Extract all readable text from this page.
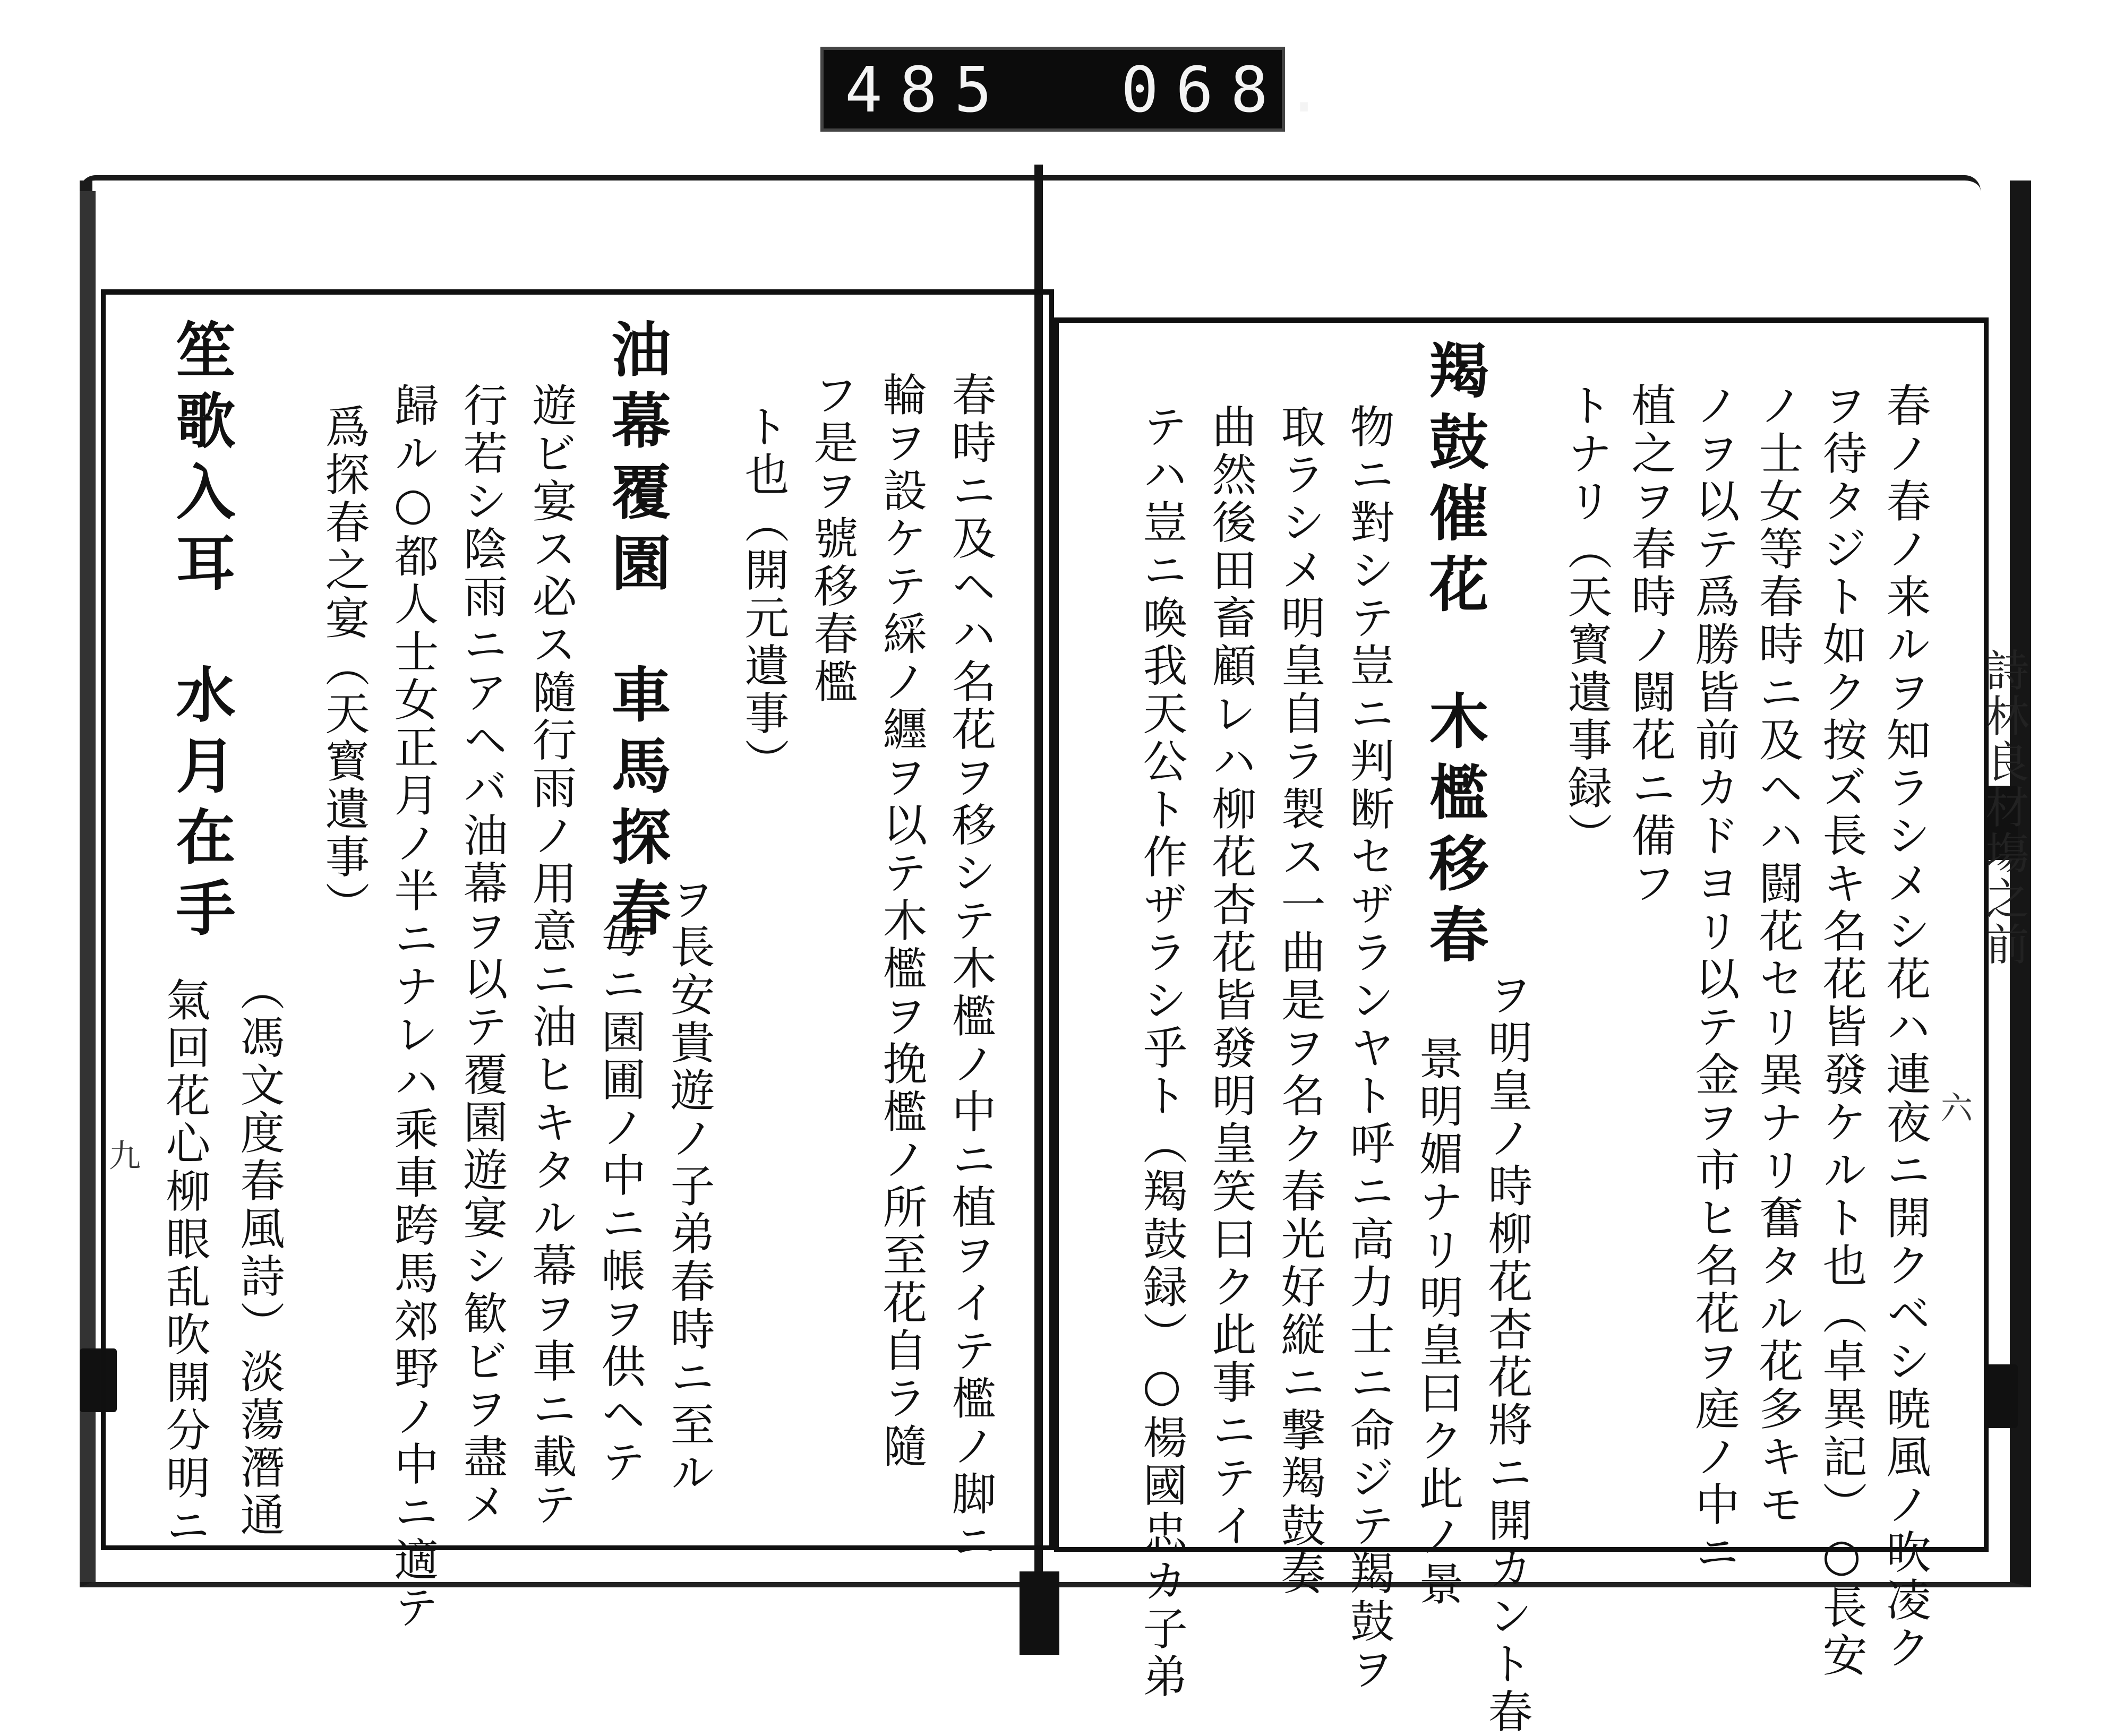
485 068.
詩林良材塲之前
六
九	春ノ春ノ来ルヲ知ラシメシ花ハ連夜ニ開クベシ暁風ノ吹凌ク
ヲ待タジト如ク按ズ長キ名花皆發ケルト也（卓異記）○長安
ノ士女等春時ニ及ヘハ闘花セリ異ナリ奮タル花多キモ
ノヲ以テ爲勝皆前カドヨリ以テ金ヲ市ヒ名花ヲ庭ノ中ニ
植之ヲ春時ノ闘花ニ備フ
トナリ（天寳遺事録）
羯鼓催花
木檻移春
ヲ明皇ノ時柳花杏花將ニ開カント春
景明媚ナリ明皇曰ク此ノ景
物ニ對シテ豈ニ判断セザランヤト呼ニ高力士ニ命ジテ羯鼓ヲ
取ラシメ明皇自ラ製ス一曲是ヲ名ク春光好縦ニ撃羯鼓奏
曲然後田畜顧レハ柳花杏花皆發明皇笑曰ク此事ニテイ
テハ豈ニ喚我天公ト作ザラシ乎ト（羯鼓録）○楊國忠カ子弟
春時ニ及ヘハ名花ヲ移シテ木檻ノ中ニ植ヲイテ檻ノ脚ニ
輪ヲ設ケテ綵ノ纒ヲ以テ木檻ヲ挽檻ノ所至花自ラ隨
フ是ヲ號移春檻
ト也（開元遺事）
油幕覆園
車馬探春
ヲ長安貴遊ノ子弟春時ニ至ル
毎ニ園圃ノ中ニ帳ヲ供ヘテ
遊ビ宴ス必ス隨行雨ノ用意ニ油ヒキタル幕ヲ車ニ載テ
行若シ陰雨ニアヘバ油幕ヲ以テ覆園遊宴シ歓ビヲ盡メ
歸ル○都人士女正月ノ半ニナレハ乘車跨馬郊野ノ中ニ適テ
爲探春之宴（天寳遺事）
笙歌入耳
水月在手
（馮文度春風詩）淡蕩潛通
氣回花心柳眼乱吹開分明ニ
